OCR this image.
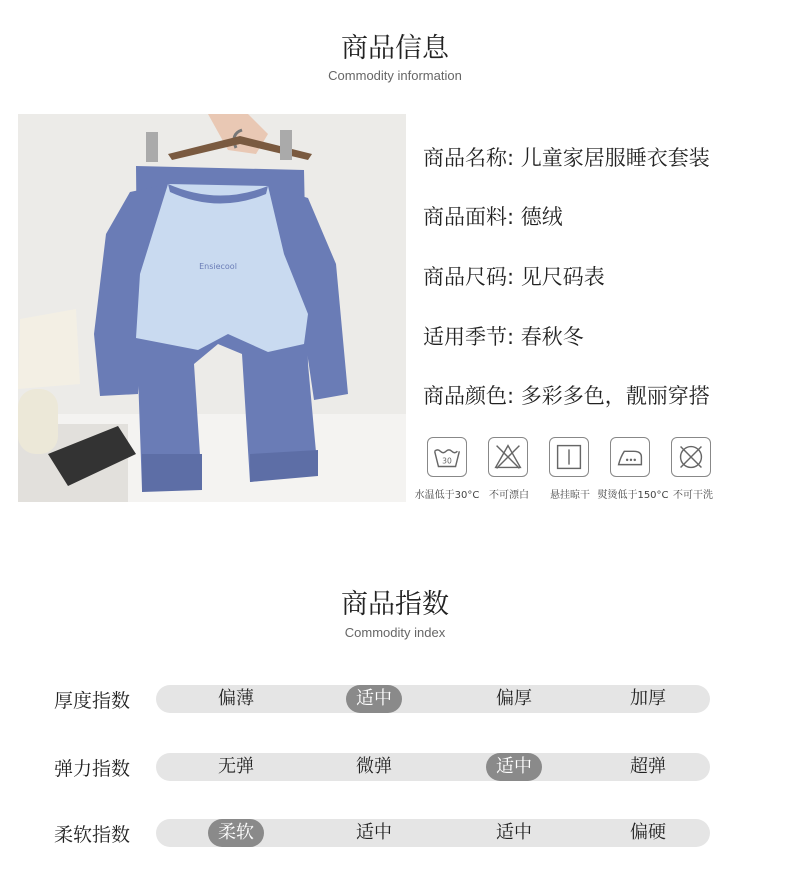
商品信息
Commodity information
Ensiecool
商品名称: 儿童家居服睡衣套装
商品面料: 德绒
商品尺码: 见尺码表
适用季节: 春秋冬
商品颜色: 多彩多色，靓丽穿搭
30
水温低于30°C 不可漂白 悬挂晾干 熨烫低于150°C 不可干洗
商品指数
Commodity index
厚度指数	偏薄	适中	偏厚	加厚
弹力指数	无弹	微弹	适中	超弹
柔软指数	柔软	适中	适中	偏硬
